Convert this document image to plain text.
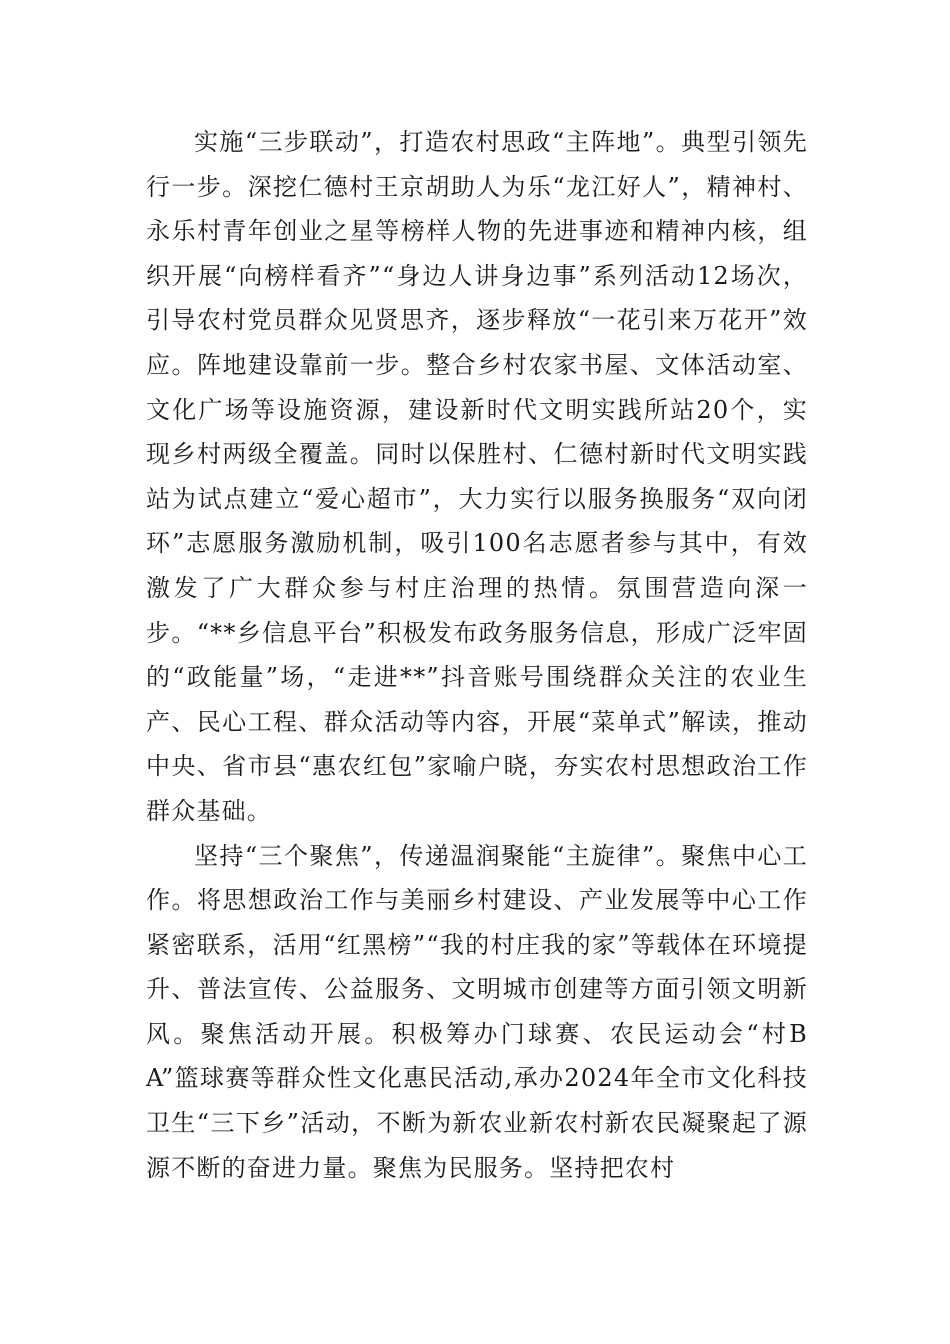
实施“三步联动”，打造农村思政“主阵地”。典型引领先行一步。深挖仁德村王京胡助人为乐“龙江好人”，精神村、永乐村青年创业之星等榜样人物的先进事迹和精神内核，组织开展“向榜样看齐”“身边人讲身边事”系列活动12场次，引导农村党员群众见贤思齐，逐步释放“一花引来万花开”效应。阵地建设靠前一步。整合乡村农家书屋、文体活动室、文化广场等设施资源，建设新时代文明实践所站20个，实现乡村两级全覆盖。同时以保胜村、仁德村新时代文明实践站为试点建立“爱心超市”，大力实行以服务换服务“双向闭环”志愿服务激励机制，吸引100名志愿者参与其中，有效激发了广大群众参与村庄治理的热情。氛围营造向深一步。“**乡信息平台”积极发布政务服务信息，形成广泛牢固的“政能量”场，“走进**”抖音账号围绕群众关注的农业生产、民心工程、群众活动等内容，开展“菜单式”解读，推动中央、省市县“惠农红包”家喻户晓，夯实农村思想政治工作群众基础。

坚持“三个聚焦”，传递温润聚能“主旋律”。聚焦中心工作。将思想政治工作与美丽乡村建设、产业发展等中心工作紧密联系，活用“红黑榜”“我的村庄我的家”等载体在环境提升、普法宣传、公益服务、文明城市创建等方面引领文明新风。聚焦活动开展。积极筹办门球赛、农民运动会“村BA”篮球赛等群众性文化惠民活动,承办2024年全市文化科技卫生“三下乡”活动，不断为新农业新农村新农民凝聚起了源源不断的奋进力量。聚焦为民服务。坚持把农村
